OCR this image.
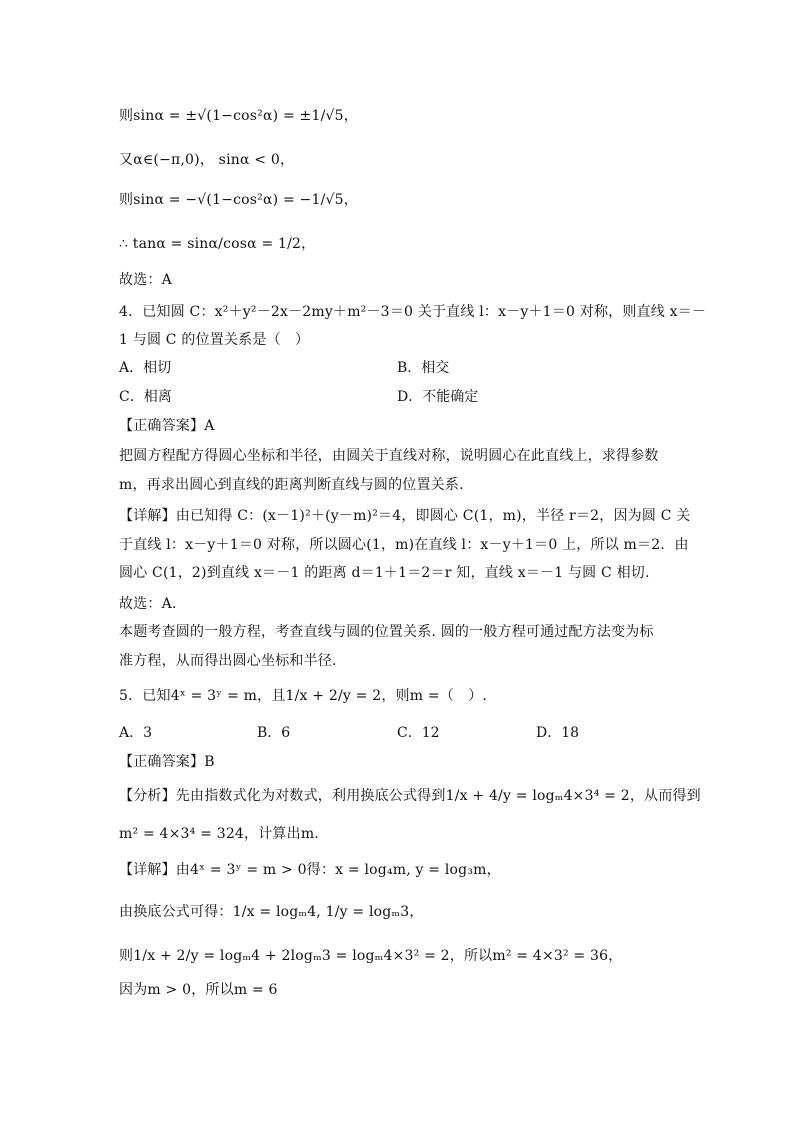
则sinα = ±√(1−cos²α) = ±1/√5，
又α∈(−π,0)， sinα < 0，
则sinα = −√(1−cos²α) = −1/√5，
∴ tanα = sinα/cosα = 1/2，
故选：A
4．已知圆 C：x²＋y²－2x－2my＋m²－3＝0 关于直线 l：x－y＋1＝0 对称，则直线 x＝－
1 与圆 C 的位置关系是（　）
A．相切	B．相交
C．相离	D．不能确定
【正确答案】A
把圆方程配方得圆心坐标和半径，由圆关于直线对称，说明圆心在此直线上，求得参数
m，再求出圆心到直线的距离判断直线与圆的位置关系.
【详解】由已知得 C：(x－1)²＋(y－m)²＝4，即圆心 C(1，m)，半径 r＝2，因为圆 C 关
于直线 l：x－y＋1＝0 对称，所以圆心(1，m)在直线 l：x－y＋1＝0 上，所以 m＝2．由
圆心 C(1，2)到直线 x＝－1 的距离 d＝1＋1＝2＝r 知，直线 x＝－1 与圆 C 相切.
故选：A.
本题考查圆的一般方程，考查直线与圆的位置关系. 圆的一般方程可通过配方法变为标
准方程，从而得出圆心坐标和半径.
5．已知4ˣ = 3ʸ = m，且1/x + 2/y = 2，则m =（　）.
A．3	B．6	C．12	D．18
【正确答案】B
【分析】先由指数式化为对数式，利用换底公式得到1/x + 4/y = logₘ4×3⁴ = 2，从而得到
m² = 4×3⁴ = 324，计算出m.
【详解】由4ˣ = 3ʸ = m > 0得：x = log₄m, y = log₃m，
由换底公式可得：1/x = logₘ4, 1/y = logₘ3，
则1/x + 2/y = logₘ4 + 2logₘ3 = logₘ4×3² = 2，所以m² = 4×3² = 36，
因为m > 0，所以m = 6
